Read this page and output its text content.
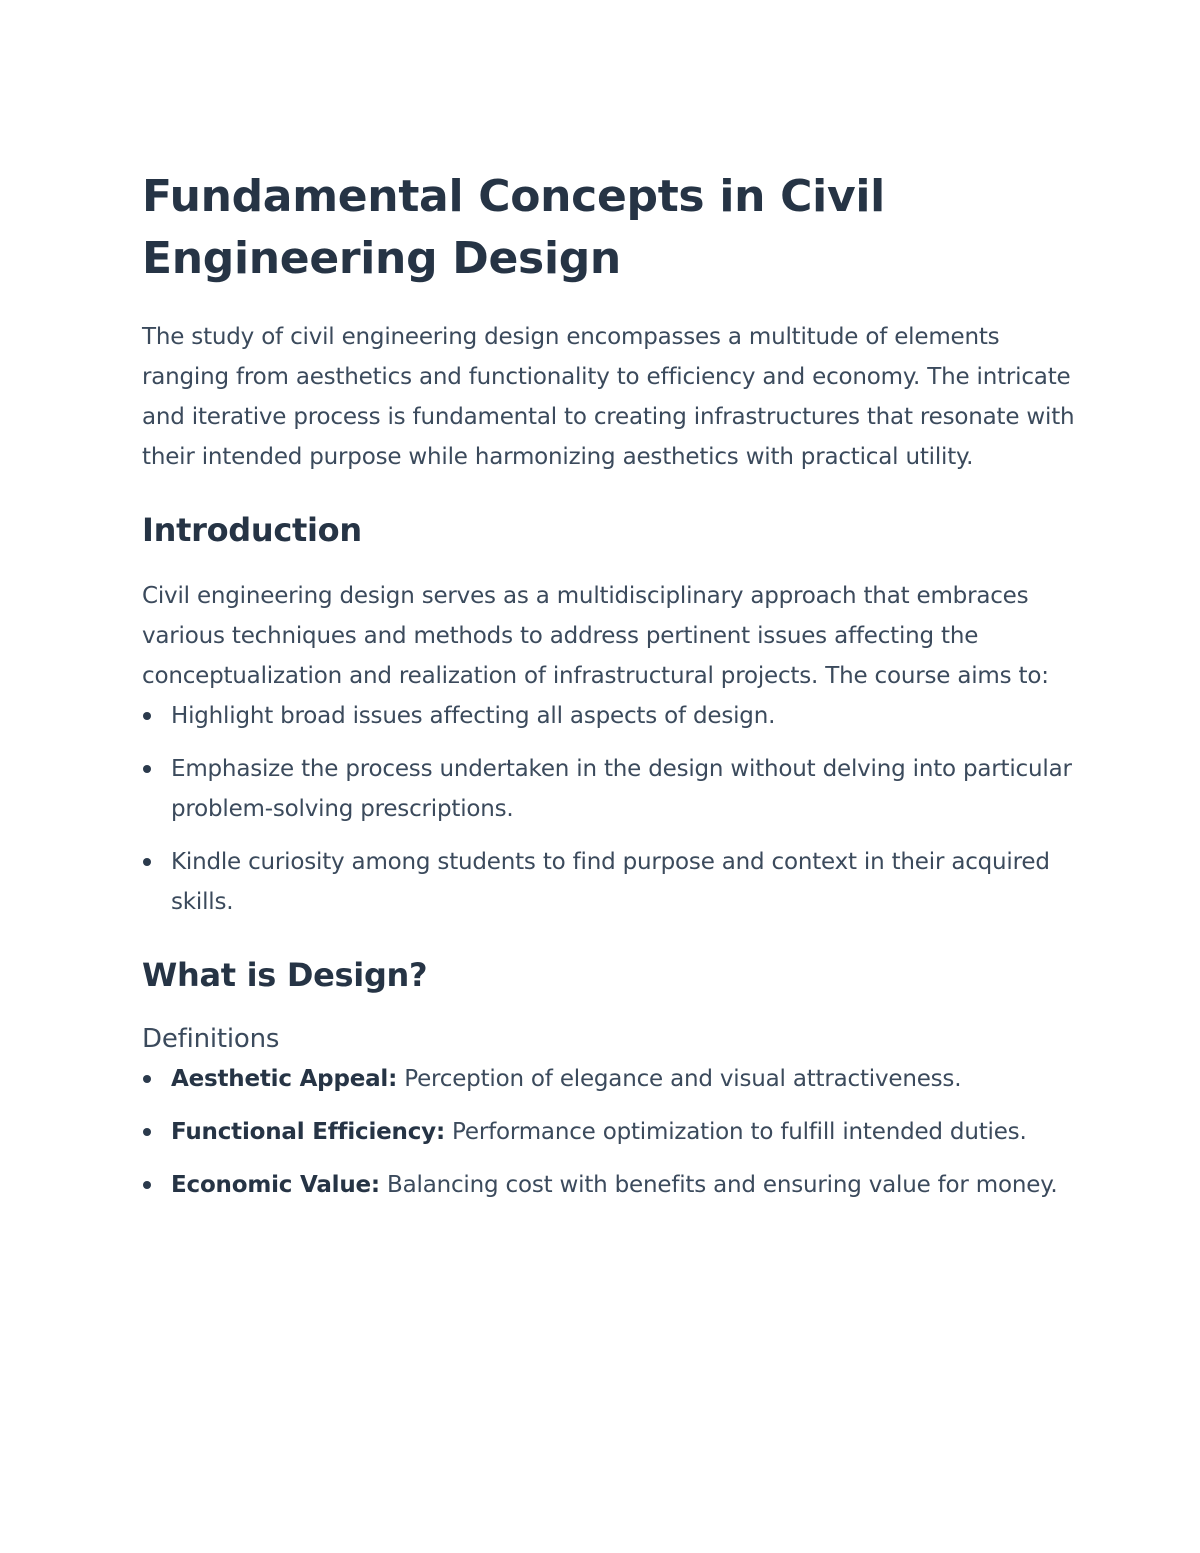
Fundamental Concepts in Civil Engineering Design

The study of civil engineering design encompasses a multitude of elements ranging from aesthetics and functionality to efficiency and economy. The intricate and iterative process is fundamental to creating infrastructures that resonate with their intended purpose while harmonizing aesthetics with practical utility.

Introduction

Civil engineering design serves as a multidisciplinary approach that embraces various techniques and methods to address pertinent issues affecting the conceptualization and realization of infrastructural projects. The course aims to:

Highlight broad issues affecting all aspects of design.
Emphasize the process undertaken in the design without delving into particular problem-solving prescriptions.
Kindle curiosity among students to find purpose and context in their acquired skills.
What is Design?
Definitions
Aesthetic Appeal: Perception of elegance and visual attractiveness.
Functional Efficiency: Performance optimization to fulfill intended duties.
Economic Value: Balancing cost with benefits and ensuring value for money.
